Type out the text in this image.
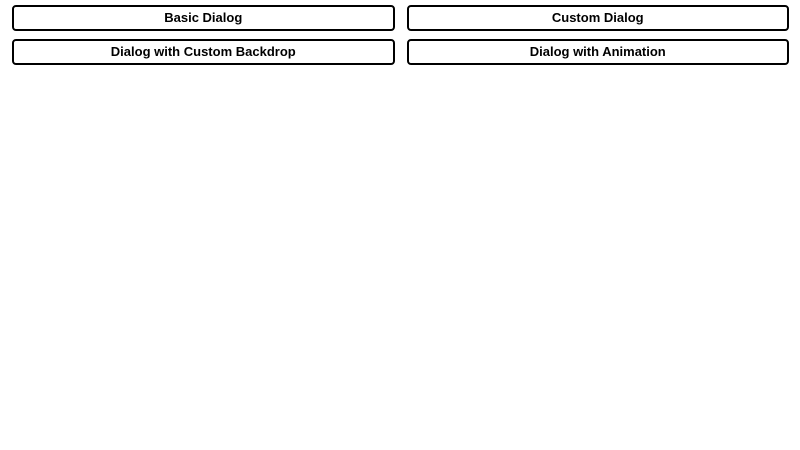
Basic Dialog	Custom Dialog
Dialog with Custom Backdrop	Dialog with Animation
